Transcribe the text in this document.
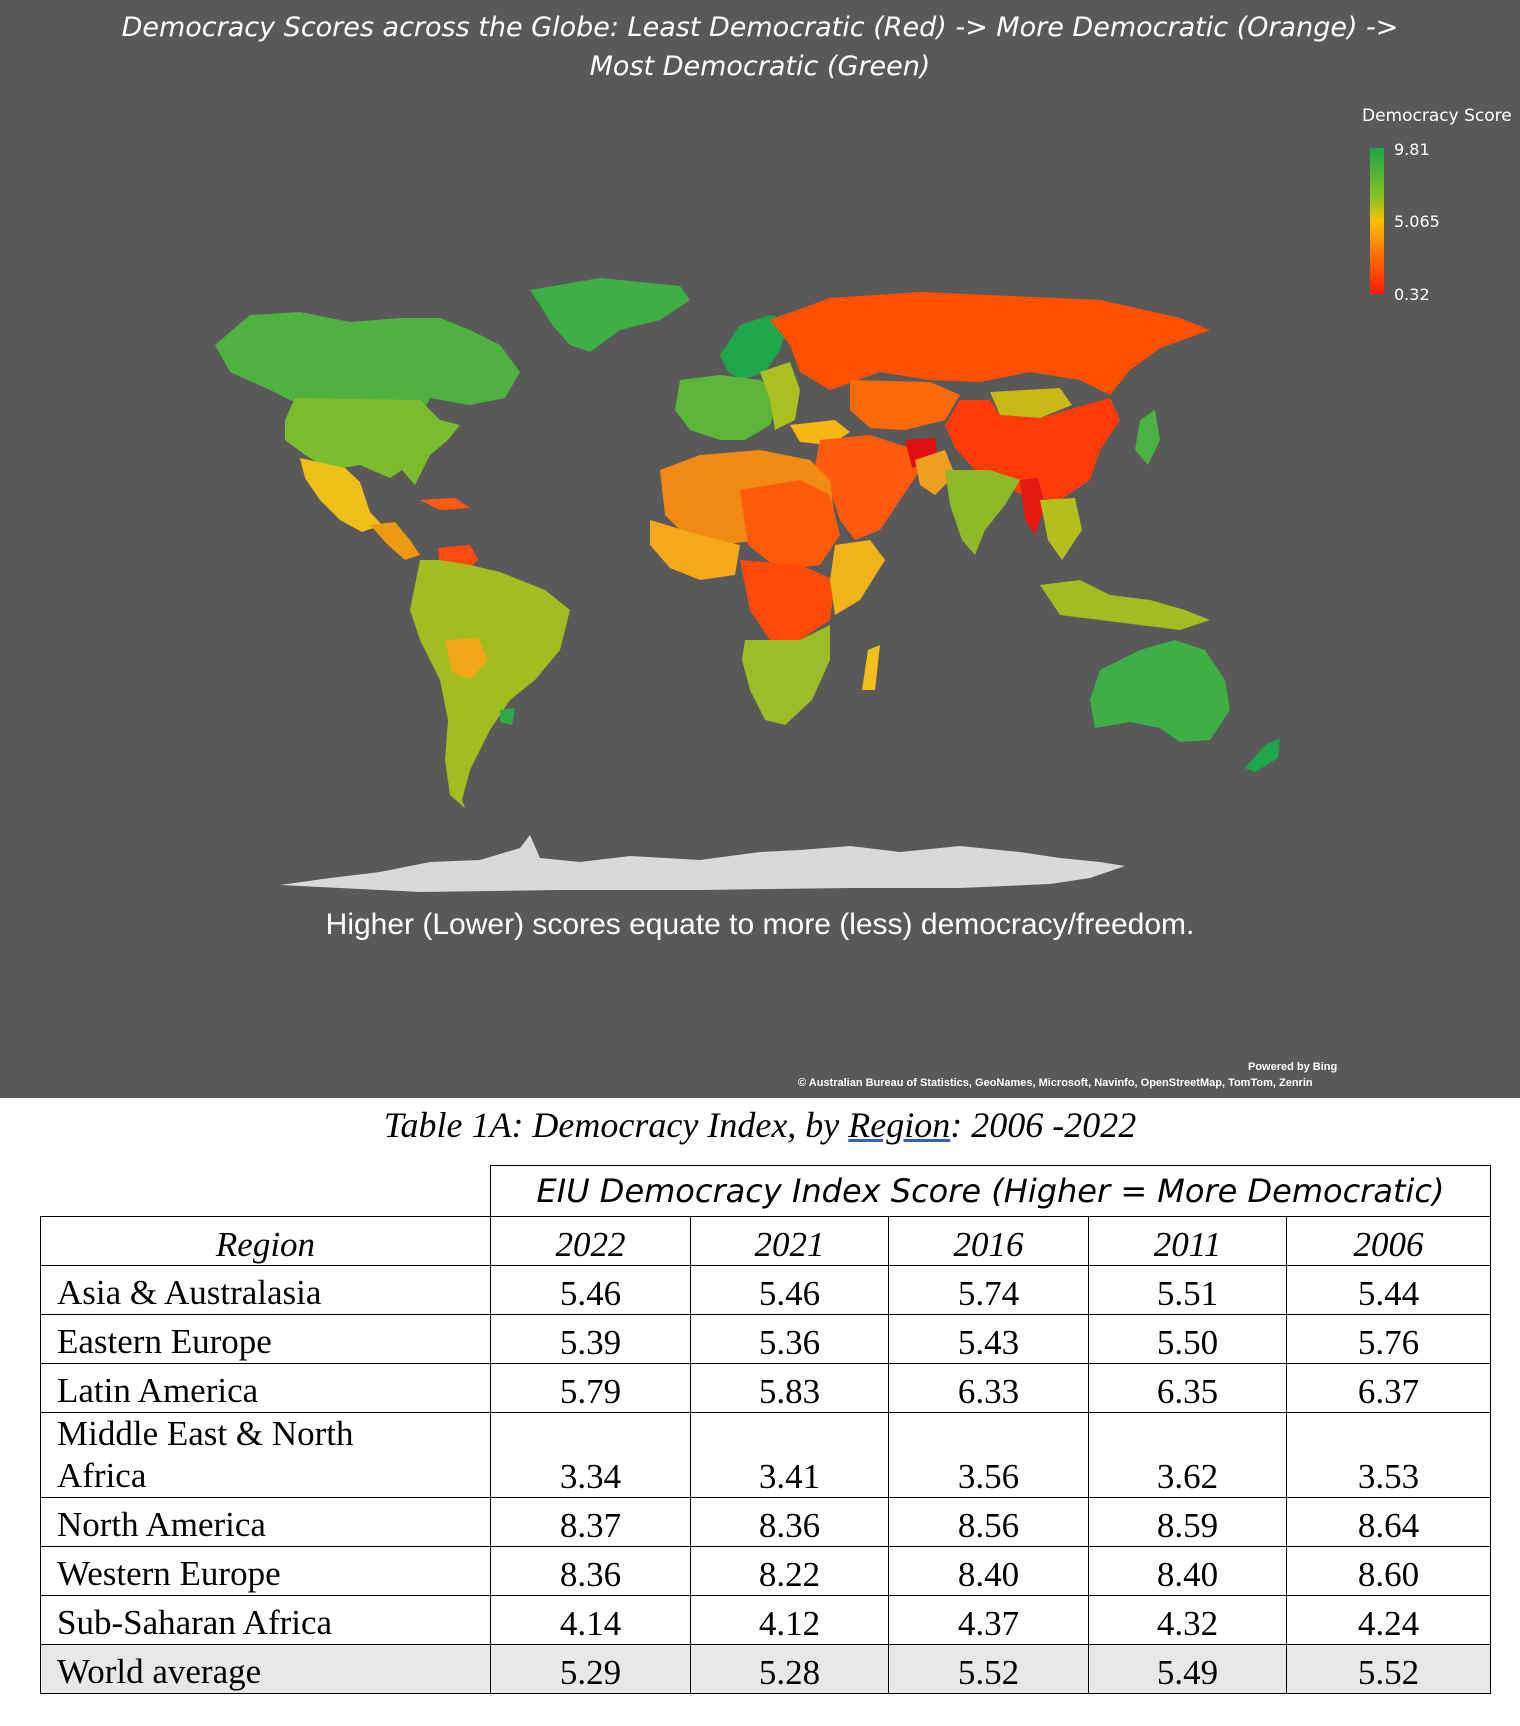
Democracy Scores across the Globe: Least Democratic (Red) -> More Democratic (Orange) -> Most Democratic (Green)
Democracy Score
9.81
5.065
0.32
Higher (Lower) scores equate to more (less) democracy/freedom.
Powered by Bing
© Australian Bureau of Statistics, GeoNames, Microsoft, Navinfo, OpenStreetMap, TomTom, Zenrin
Table 1A: Democracy Index, by Region: 2006 -2022
	EIU Democracy Index Score (Higher = More Democratic)				
Region	2022	2021	2016	2011	2006

Asia & Australasia	5.46	5.46	5.74	5.51	5.44

Eastern Europe	5.39	5.36	5.43	5.50	5.76

Latin America	5.79	5.83	6.33	6.35	6.37

Middle East & North
Africa	3.34	3.41	3.56	3.62	3.53

North America	8.37	8.36	8.56	8.59	8.64

Western Europe	8.36	8.22	8.40	8.40	8.60

Sub-Saharan Africa	4.14	4.12	4.37	4.32	4.24

World average	5.29	5.28	5.52	5.49	5.52
